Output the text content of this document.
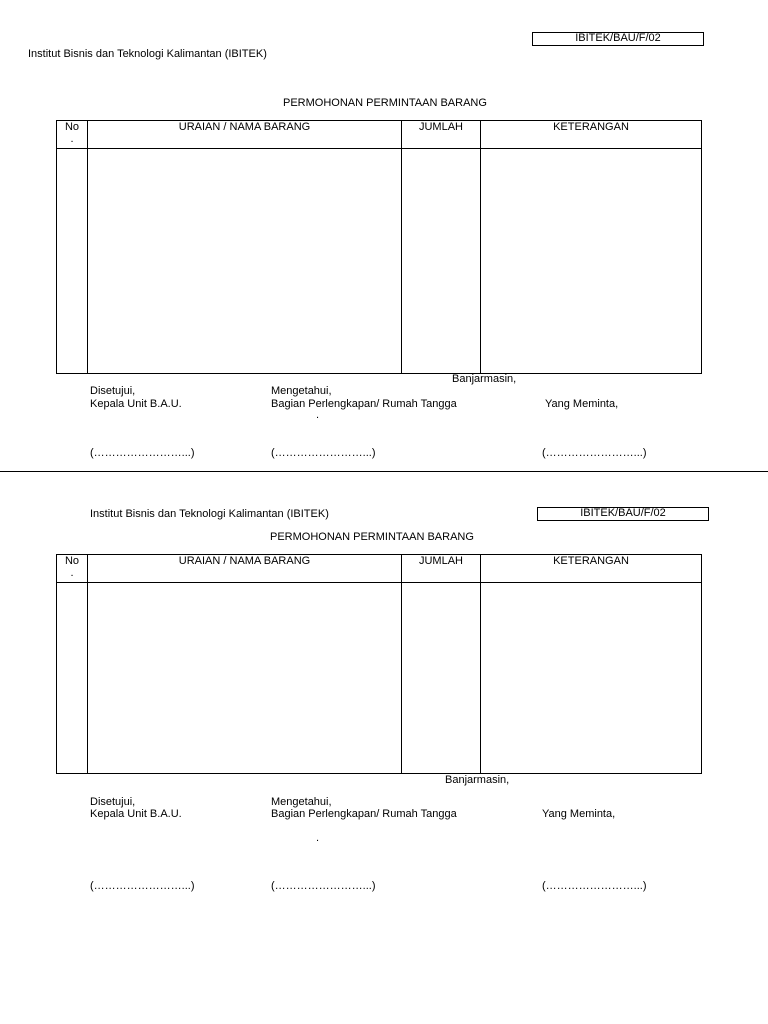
IBITEK/BAU/F/02
Institut Bisnis dan Teknologi Kalimantan (IBITEK)
PERMOHONAN PERMINTAAN BARANG
No
.	URAIAN / NAMA BARANG	JUMLAH	KETERANGAN

Banjarmasin,
Disetujui,
Kepala Unit B.A.U.
Mengetahui,
Bagian Perlengkapan/ Rumah Tangga
.
Yang Meminta,
(……………………...)	(……………………...)	(……………………...)
Institut Bisnis dan Teknologi Kalimantan (IBITEK)	IBITEK/BAU/F/02
PERMOHONAN PERMINTAAN BARANG
No
.	URAIAN / NAMA BARANG	JUMLAH	KETERANGAN

Banjarmasin,
Disetujui,
Kepala Unit B.A.U.
Mengetahui,
Bagian Perlengkapan/ Rumah Tangga
.
Yang Meminta,
(……………………...)	(……………………...)	(……………………...)
